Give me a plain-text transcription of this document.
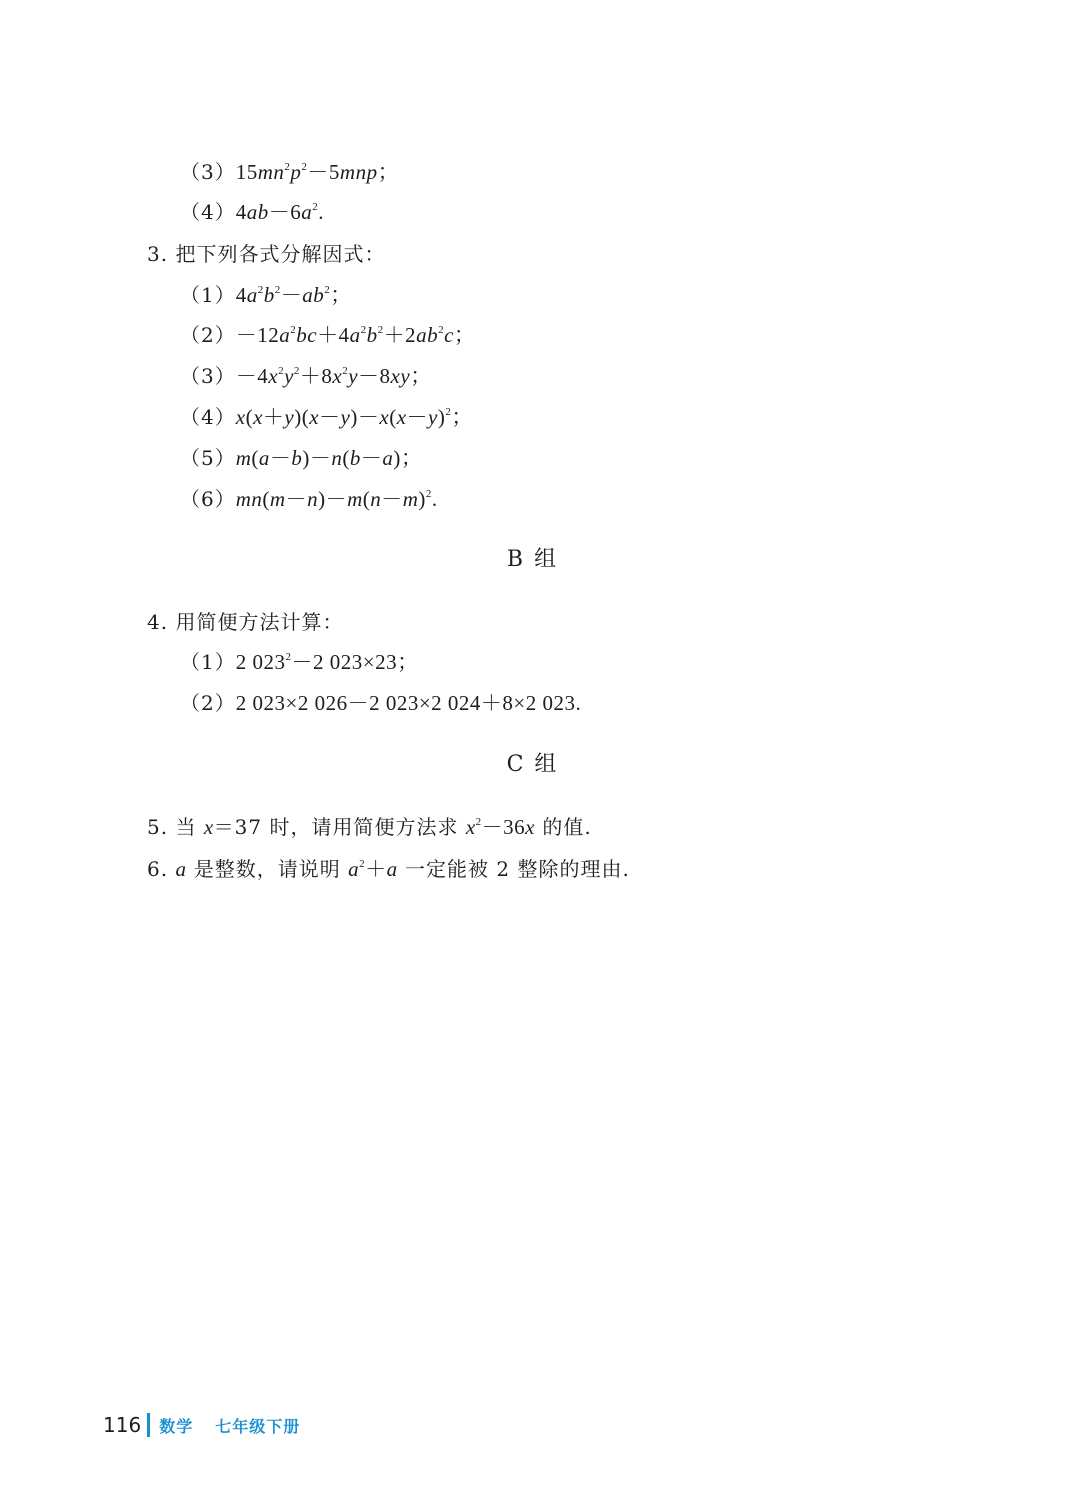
$(3)15mn^2p^2-5mnp$；
$(4)4ab-6a^2$.
3. 把下列各式分解因式：
$(1)4a^2b^2-ab^2$；
$(2)-12a^2bc+4a^2b^2+2ab^2c$；
$(3)-4x^2y^2+8x^2y-8xy$；
$(4)x(x+y)(x-y)-x(x-y)^2$；
（5）m(a－b)－n(b－a)；
$(6)mn(m-n)-m(n-m)^2$.
B 组
4. 用简便方法计算：
（1）2 $023^2-2$ 023×23；
（2）2 023×2 026－2 023×2 024＋8×2 023.
C 组
5. 当 x＝37 时，请用简便方法求 $x^2-36x$ 的值.
6. a 是整数，请说明 $a^2+a$ 一定能被 2 整除的理由.
116 数学 七年级下册
